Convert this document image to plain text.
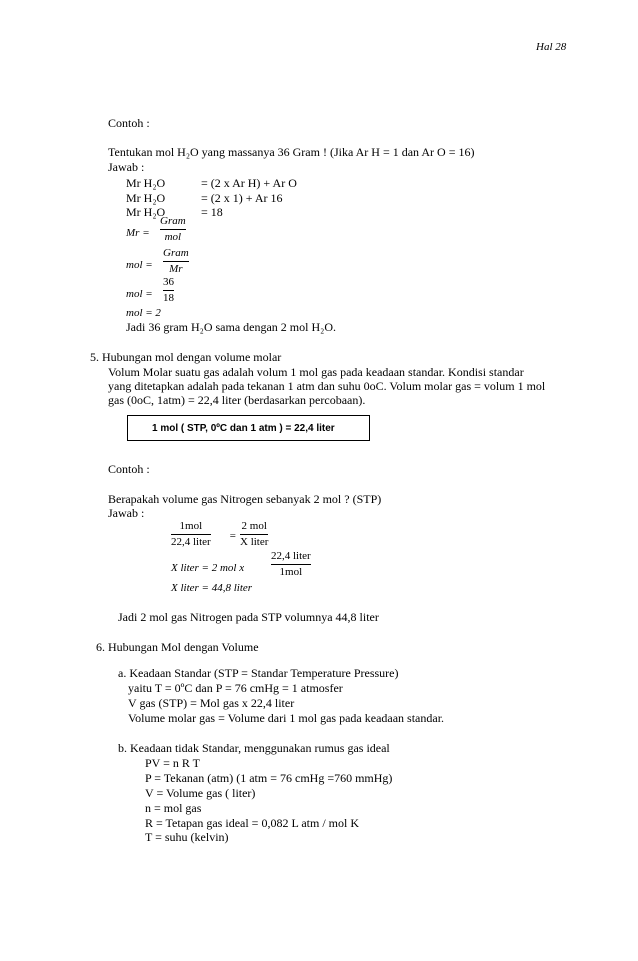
Hal 28
Contoh :
Tentukan mol H₂O yang massanya 36 Gram ! (Jika Ar H = 1 dan Ar O = 16)
Jawab :
Mr H₂O	= (2 x Ar H) + Ar O
Mr H₂O	= (2 x 1) + Ar 16
Mr H₂O	= 18
Mr =
Gram
mol
mol =
Gram
Mr
mol =
36
18
mol = 2
Jadi 36 gram H₂O sama dengan 2 mol H₂O.
5. Hubungan mol dengan volume molar
Volum Molar suatu gas adalah volum 1 mol gas pada keadaan standar. Kondisi standar
yang ditetapkan adalah pada tekanan 1 atm dan suhu 0oC. Volum molar gas = volum 1 mol
gas (0oC, 1atm) = 22,4 liter (berdasarkan percobaan).
1 mol ( STP, 0ºC dan 1 atm ) = 22,4 liter
Contoh :
Berapakah volume gas Nitrogen sebanyak 2 mol ? (STP)
Jawab :
1mol
22,4 liter =
2 mol
X liter
X liter = 2 mol x
22,4 liter
1mol
X liter = 44,8 liter
Jadi 2 mol gas Nitrogen pada STP volumnya 44,8 liter
6. Hubungan Mol dengan Volume
a. Keadaan Standar (STP = Standar Temperature Pressure)
yaitu T = 0ºC dan P = 76 cmHg = 1 atmosfer
V gas (STP) = Mol gas x 22,4 liter
Volume molar gas = Volume dari 1 mol gas pada keadaan standar.
b. Keadaan tidak Standar, menggunakan rumus gas ideal
PV = n R T
P = Tekanan (atm) (1 atm = 76 cmHg =760 mmHg)
V = Volume gas ( liter)
n = mol gas
R = Tetapan gas ideal = 0,082 L atm / mol K
T = suhu (kelvin)
